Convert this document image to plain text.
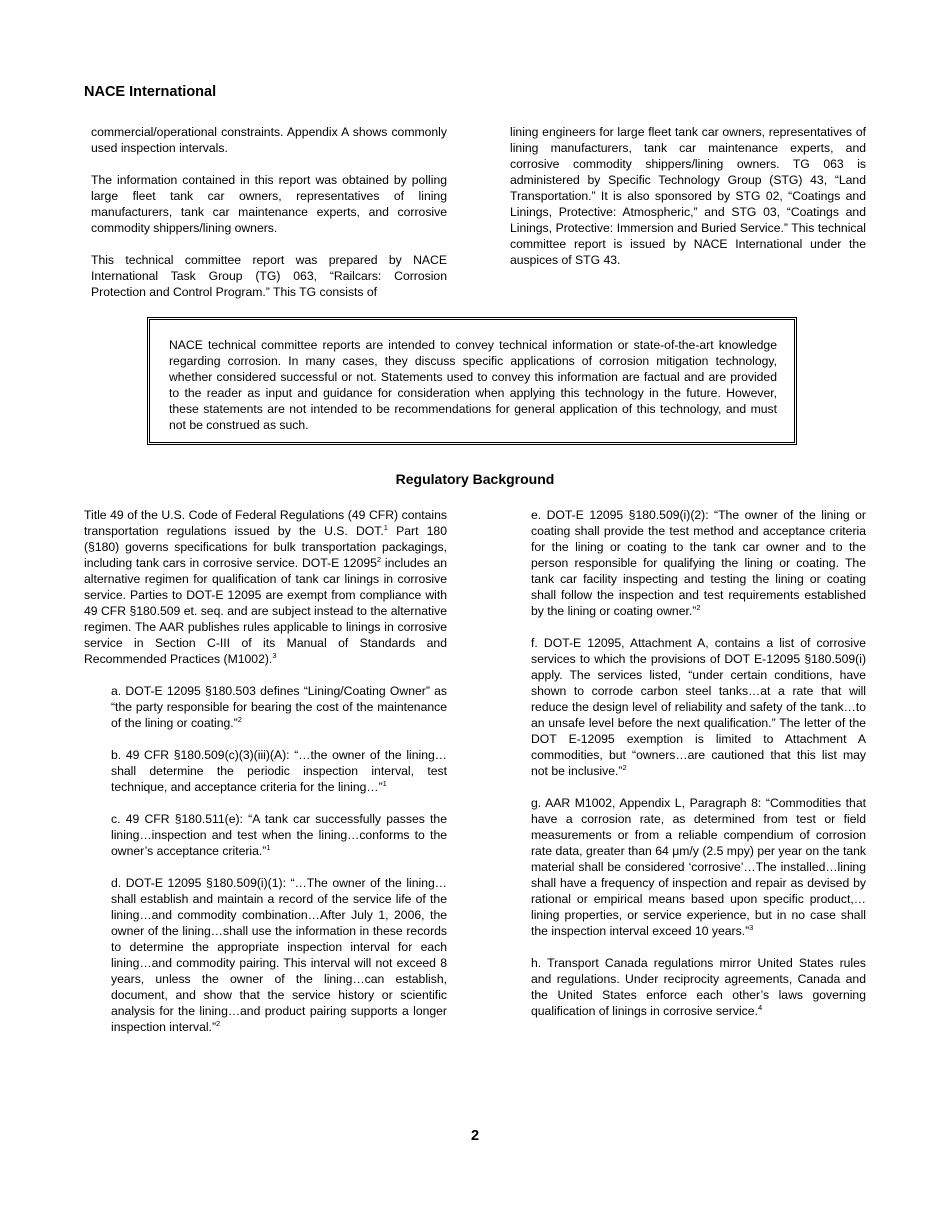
NACE International

commercial/operational constraints. Appendix A shows commonly used inspection intervals.

The information contained in this report was obtained by polling large fleet tank car owners, representatives of lining manufacturers, tank car maintenance experts, and corrosive commodity shippers/lining owners.

This technical committee report was prepared by NACE International Task Group (TG) 063, “Railcars: Corrosion Protection and Control Program.” This TG consists of

lining engineers for large fleet tank car owners, representatives of lining manufacturers, tank car maintenance experts, and corrosive commodity shippers/lining owners. TG 063 is administered by Specific Technology Group (STG) 43, “Land Transportation.” It is also sponsored by STG 02, “Coatings and Linings, Protective: Atmospheric,” and STG 03, “Coatings and Linings, Protective: Immersion and Buried Service.” This technical committee report is issued by NACE International under the auspices of STG 43.

NACE technical committee reports are intended to convey technical information or state-of-the-art knowledge regarding corrosion. In many cases, they discuss specific applications of corrosion mitigation technology, whether considered successful or not. Statements used to convey this information are factual and are provided to the reader as input and guidance for consideration when applying this technology in the future. However, these statements are not intended to be recommendations for general application of this technology, and must not be construed as such.
Regulatory Background

Title 49 of the U.S. Code of Federal Regulations (49 CFR) contains transportation regulations issued by the U.S. DOT.$^1$ Part 180 (§180) governs specifications for bulk transportation packagings, including tank cars in corrosive service. DOT-E 12095$^2$ includes an alternative regimen for qualification of tank car linings in corrosive service. Parties to DOT-E 12095 are exempt from compliance with 49 CFR §180.509 et. seq. and are subject instead to the alternative regimen. The AAR publishes rules applicable to linings in corrosive service in Section C-III of its Manual of Standards and Recommended Practices (M1002).$^3$

a. DOT-E 12095 §180.503 defines “Lining/Coating Owner” as “the party responsible for bearing the cost of the maintenance of the lining or coating.”$^2$

b. 49 CFR §180.509(c)(3)(iii)(A): “…the owner of the lining…shall determine the periodic inspection interval, test technique, and acceptance criteria for the lining…”$^1$

c. 49 CFR §180.511(e): “A tank car successfully passes the lining…inspection and test when the lining…conforms to the owner’s acceptance criteria.”$^1$

d. DOT-E 12095 §180.509(i)(1): “…The owner of the lining…shall establish and maintain a record of the service life of the lining…and commodity combination…After July 1, 2006, the owner of the lining…shall use the information in these records to determine the appropriate inspection interval for each lining…and commodity pairing. This interval will not exceed 8 years, unless the owner of the lining…can establish, document, and show that the service history or scientific analysis for the lining…and product pairing supports a longer inspection interval.”$^2$

e. DOT-E 12095 §180.509(i)(2): “The owner of the lining or coating shall provide the test method and acceptance criteria for the lining or coating to the tank car owner and to the person responsible for qualifying the lining or coating. The tank car facility inspecting and testing the lining or coating shall follow the inspection and test requirements established by the lining or coating owner.”$^2$

f. DOT-E 12095, Attachment A, contains a list of corrosive services to which the provisions of DOT E-12095 §180.509(i) apply. The services listed, “under certain conditions, have shown to corrode carbon steel tanks…at a rate that will reduce the design level of reliability and safety of the tank…to an unsafe level before the next qualification.” The letter of the DOT E-12095 exemption is limited to Attachment A commodities, but “owners…are cautioned that this list may not be inclusive.”$^2$

g. AAR M1002, Appendix L, Paragraph 8: “Commodities that have a corrosion rate, as determined from test or field measurements or from a reliable compendium of corrosion rate data, greater than 64 μm/y (2.5 mpy) per year on the tank material shall be considered ‘corrosive’…The installed…lining shall have a frequency of inspection and repair as devised by rational or empirical means based upon specific product,…lining properties, or service experience, but in no case shall the inspection interval exceed 10 years.”$^3$

h. Transport Canada regulations mirror United States rules and regulations. Under reciprocity agreements, Canada and the United States enforce each other’s laws governing qualification of linings in corrosive service.$^4$

2
